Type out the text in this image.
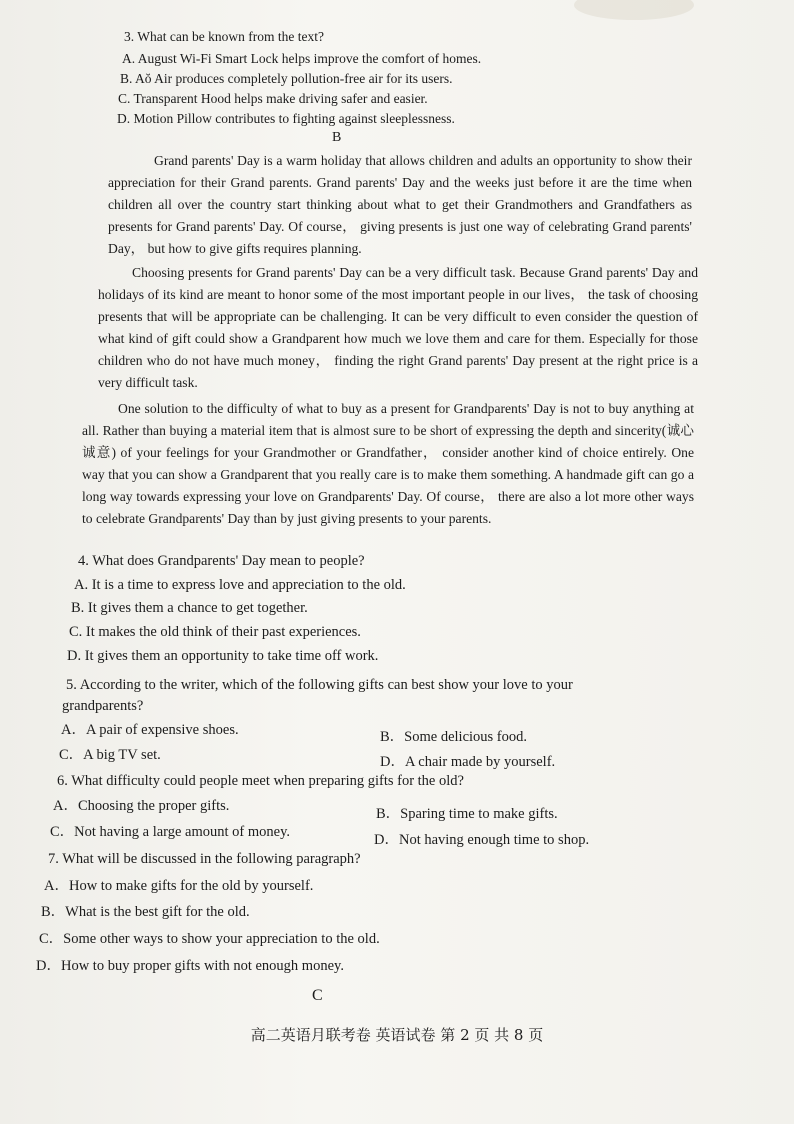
3. What can be known from the text?
A. August Wi-Fi Smart Lock helps improve the comfort of homes.
B. Aŏ Air produces completely pollution-free air for its users.
C. Transparent Hood helps make driving safer and easier.
D. Motion Pillow contributes to fighting against sleeplessness.
B

Grand parents' Day is a warm holiday that allows children and adults an opportunity to show their appreciation for their Grand parents. Grand parents' Day and the weeks just before it are the time when children all over the country start thinking about what to get their Grandmothers and Grandfathers as presents for Grand parents' Day. Of course， giving presents is just one way of celebrating Grand parents' Day， but how to give gifts requires planning.

Choosing presents for Grand parents' Day can be a very difficult task. Because Grand parents' Day and holidays of its kind are meant to honor some of the most important people in our lives， the task of choosing presents that will be appropriate can be challenging. It can be very difficult to even consider the question of what kind of gift could show a Grandparent how much we love them and care for them. Especially for those children who do not have much money， finding the right Grand parents' Day present at the right price is a very difficult task.

One solution to the difficulty of what to buy as a present for Grandparents' Day is not to buy anything at all. Rather than buying a material item that is almost sure to be short of expressing the depth and sincerity(诚心诚意) of your feelings for your Grandmother or Grandfather， consider another kind of choice entirely. One way that you can show a Grandparent that you really care is to make them something. A handmade gift can go a long way towards expressing your love on Grandparents' Day. Of course， there are also a lot more other ways to celebrate Grandparents' Day than by just giving presents to your parents.

4. What does Grandparents' Day mean to people?
A. It is a time to express love and appreciation to the old.
B. It gives them a chance to get together.
C. It makes the old think of their past experiences.
D. It gives them an opportunity to take time off work.
5. According to the writer, which of the following gifts can best show your love to your
grandparents?
A．A pair of expensive shoes.	B．Some delicious food.
C．A big TV set.	D．A chair made by yourself.
6. What difficulty could people meet when preparing gifts for the old?
A．Choosing the proper gifts.	B．Sparing time to make gifts.
C．Not having a large amount of money.	D．Not having enough time to shop.
7. What will be discussed in the following paragraph?
A．How to make gifts for the old by yourself.
B．What is the best gift for the old.
C．Some other ways to show your appreciation to the old.
D．How to buy proper gifts with not enough money.
C
高二英语月联考卷 英语试卷 第 2 页 共 8 页
